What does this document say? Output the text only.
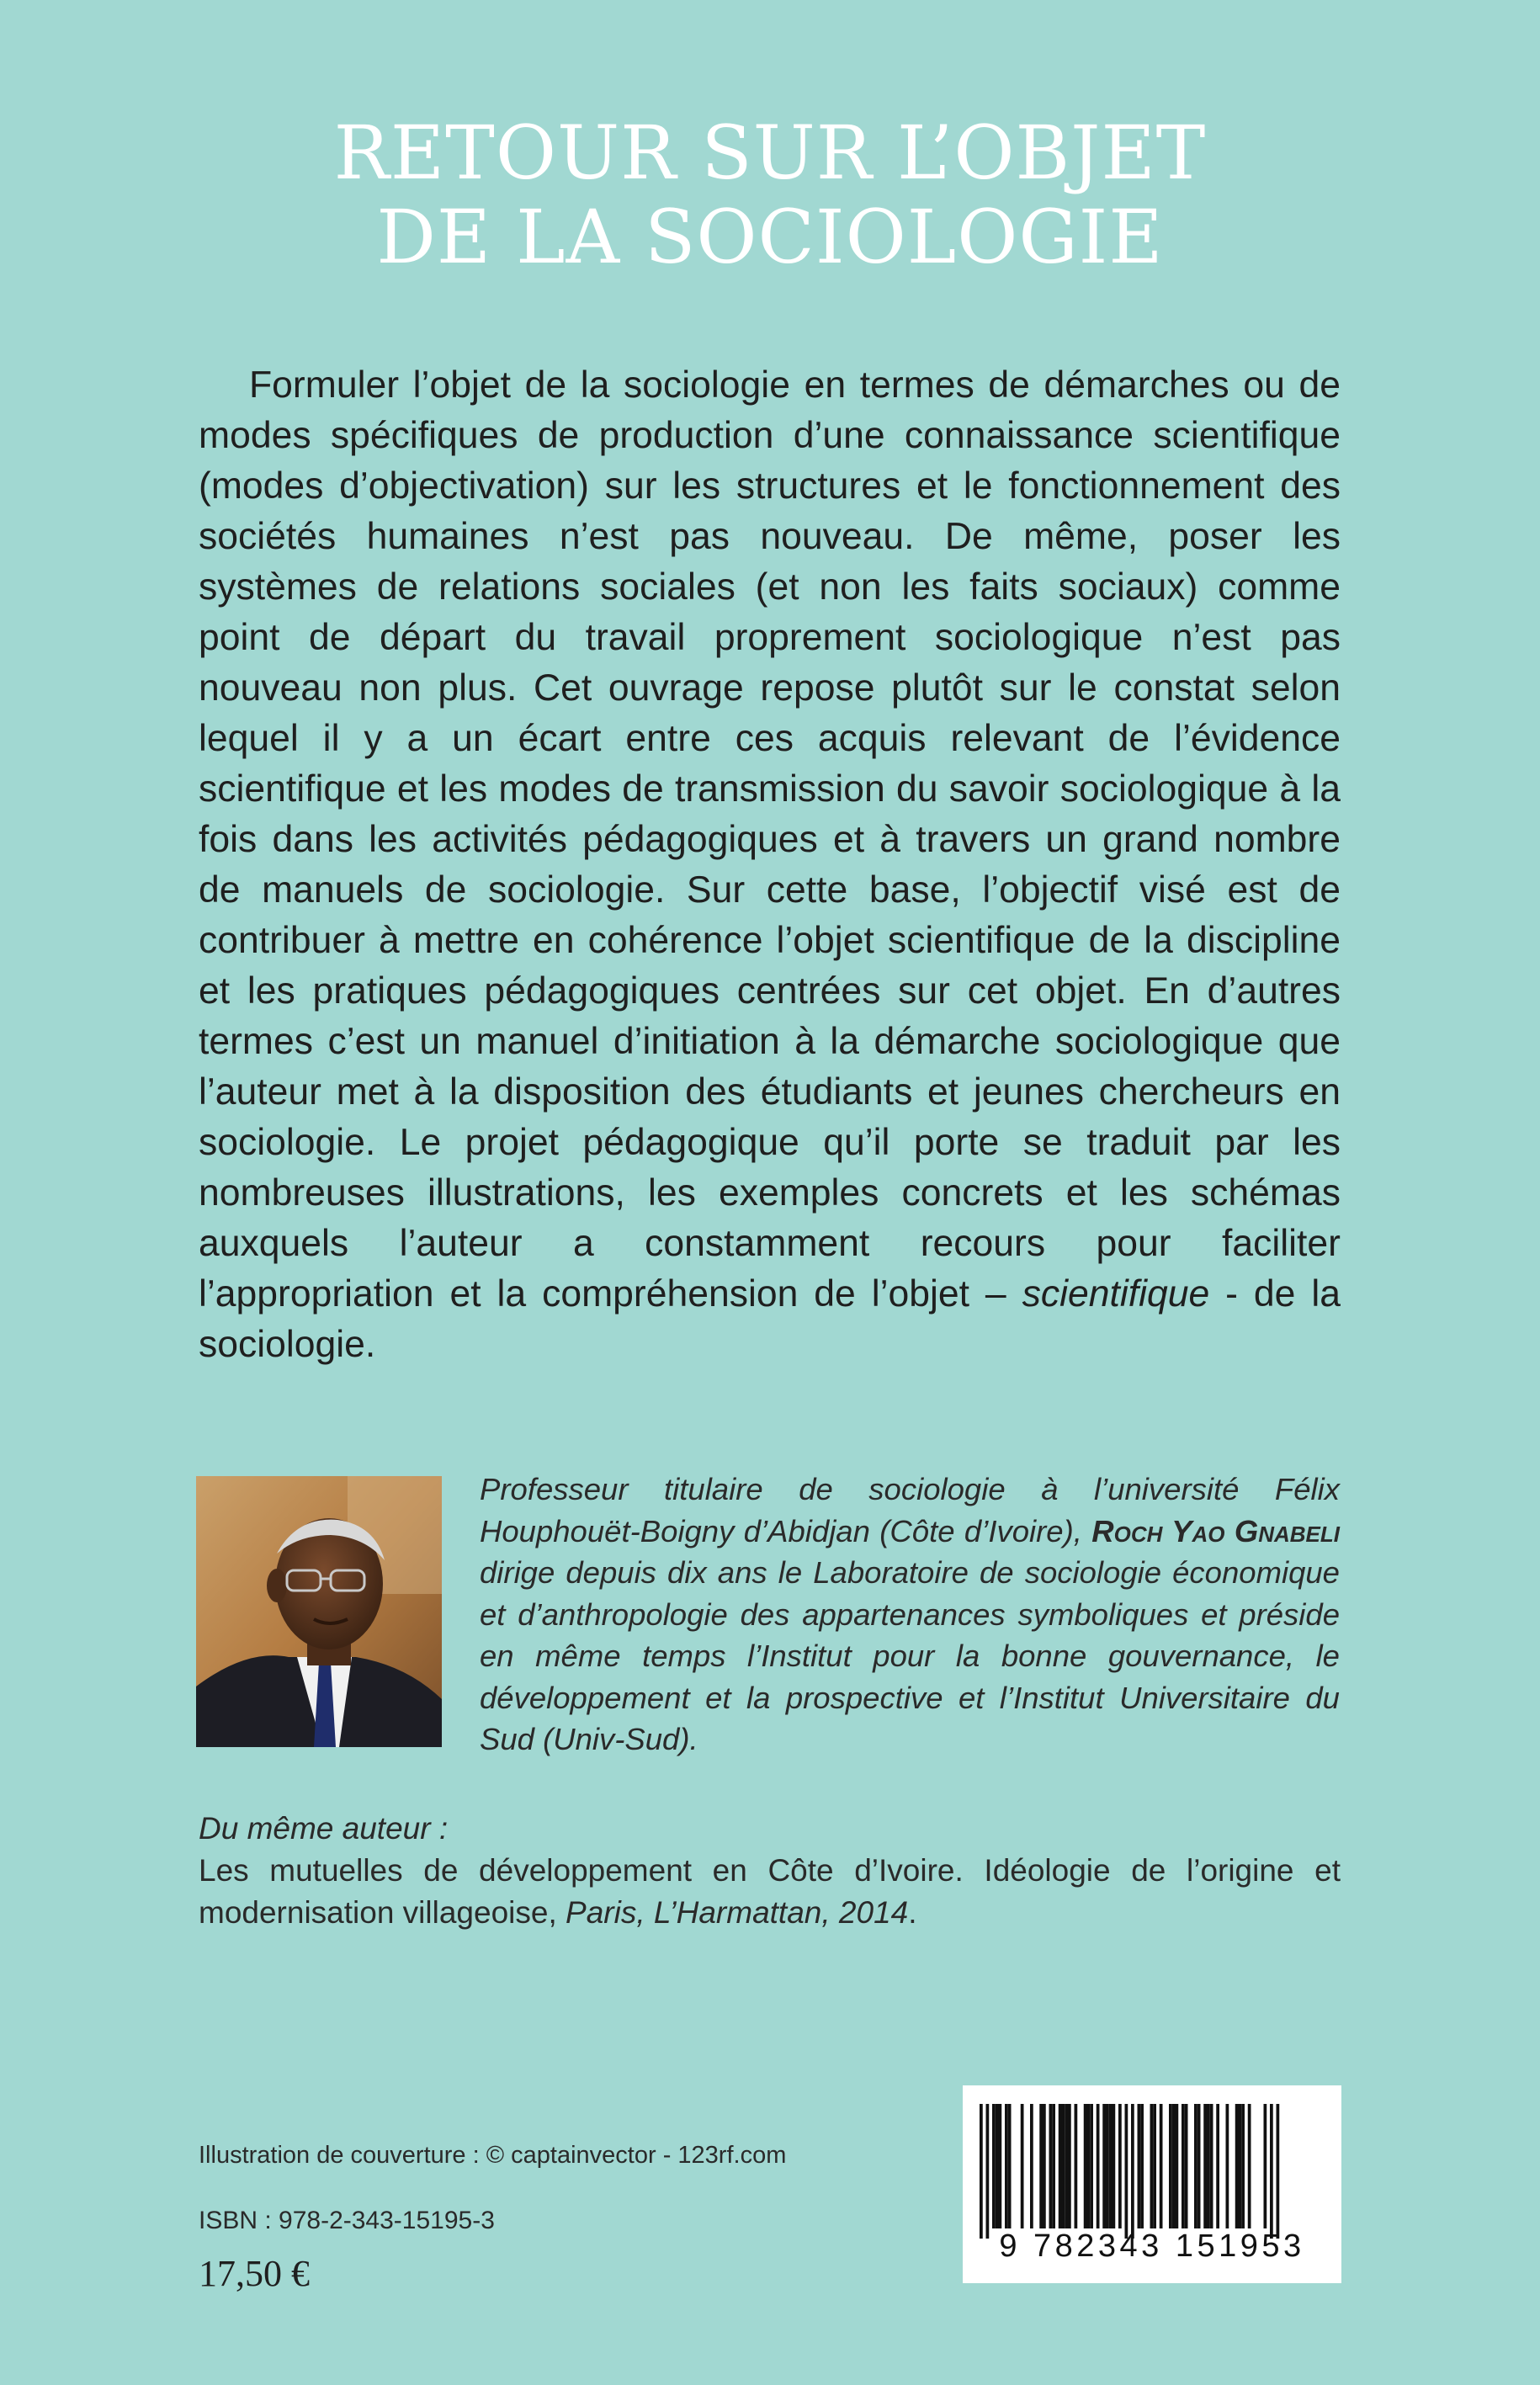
RETOUR SUR L’OBJET
DE LA SOCIOLOGIE
Formuler l’objet de la sociologie en termes de démarches ou de modes spécifiques de production d’une connaissance scientifique (modes d’objectivation) sur les structures et le fonctionnement des sociétés humaines n’est pas nouveau. De même, poser les systèmes de relations sociales (et non les faits sociaux) comme point de départ du travail proprement sociologique n’est pas nouveau non plus. Cet ouvrage repose plutôt sur le constat selon lequel il y a un écart entre ces acquis relevant de l’évidence scientifique et les modes de transmission du savoir sociologique à la fois dans les activités pédagogiques et à travers un grand nombre de manuels de sociologie. Sur cette base, l’objectif visé est de contribuer à mettre en cohérence l’objet scientifique de la discipline et les pratiques pédagogiques centrées sur cet objet. En d’autres termes c’est un manuel d’initiation à la démarche sociologique que l’auteur met à la disposition des étudiants et jeunes chercheurs en sociologie. Le projet pédagogique qu’il porte se traduit par les nombreuses illustrations, les exemples concrets et les schémas auxquels l’auteur a constamment recours pour faciliter l’appropriation et la compréhension de l’objet – scientifique - de la sociologie.
Professeur titulaire de sociologie à l’université Félix Houphouët-Boigny d’Abidjan (Côte d’Ivoire), Roch Yao Gnabeli dirige depuis dix ans le Laboratoire de sociologie économique et d’anthropologie des appartenances symboliques et préside en même temps l’Institut pour la bonne gouvernance, le développement et la prospective et l’Institut Universitaire du Sud (Univ-Sud).
Du même auteur :
Les mutuelles de développement en Côte d’Ivoire. Idéologie de l’origine et modernisation villageoise, Paris, L’Harmattan, 2014.
Illustration de couverture : © captainvector - 123rf.com
ISBN : 978-2-343-15195-3
17,50 €
9 782343 151953
